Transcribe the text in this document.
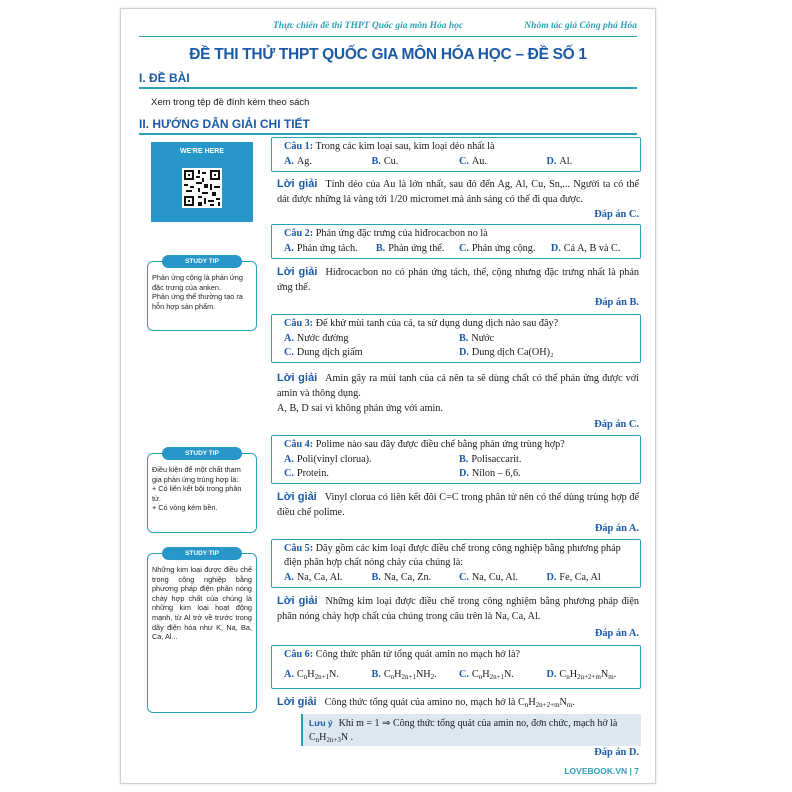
Thực chiến đề thi THPT Quốc gia môn Hóa học	Nhóm tác giả Công phá Hóa
ĐỀ THI THỬ THPT QUỐC GIA MÔN HÓA HỌC – ĐỀ SỐ 1
I. ĐỀ BÀI
Xem trong tệp đề đính kèm theo sách
II. HƯỚNG DẪN GIẢI CHI TIẾT
WE'RE HERE
STUDY TIP

Phản ứng cộng là phản ứng đặc trưng của anken.

Phản ứng thế thường tạo ra hỗn hợp sản phẩm.

STUDY TIP

Điều kiện để một chất tham gia phản ứng trùng hợp là:

+ Có liên kết bội trong phân tử.

+ Có vòng kém bền.

STUDY TIP

Những kim loại được điều chế trong công nghiệp bằng phương pháp điện phân nóng chảy hợp chất của chúng là những kim loại hoạt động mạnh, từ Al trở về trước trong dãy điện hóa như K, Na, Ba, Ca, Al...

Câu 1: Trong các kim loại sau, kim loại dẻo nhất là
A. Ag.	B. Cu.	C. Au.	D. Al.
Lời giải Tính dẻo của Au là lớn nhất, sau đó đến Ag, Al, Cu, Sn,... Người ta có thể dát được những lá vàng tới 1/20 micromet mà ánh sáng có thể đi qua được.
Đáp án C.
Câu 2: Phản ứng đặc trưng của hiđrocacbon no là
A. Phản ứng tách.	B. Phản ứng thế.	C. Phản ứng cộng.	D. Cả A, B và C.
Lời giải Hiđrocacbon no có phản ứng tách, thế, cộng nhưng đặc trưng nhất là phản ứng thế.
Đáp án B.
Câu 3: Để khử mùi tanh của cá, ta sử dụng dung dịch nào sau đây?
A. Nước đường	B. Nước
C. Dung dịch giấm	D. Dung dịch Ca(OH)₂
Lời giải Amin gây ra mùi tanh của cá nên ta sẽ dùng chất có thể phản ứng được với amin và thông dụng.
A, B, D sai vì không phản ứng với amin.
Đáp án C.
Câu 4: Polime nào sau đây được điều chế bằng phản ứng trùng hợp?
A. Poli(vinyl clorua).	B. Polisaccarit.
C. Protein.	D. Nilon – 6,6.
Lời giải Vinyl clorua có liên kết đôi C=C trong phân tử nên có thể dùng trùng hợp để điều chế polime.
Đáp án A.
Câu 5: Dãy gồm các kim loại được điều chế trong công nghiệp bằng phương pháp điện phân hợp chất nóng chảy của chúng là:
A. Na, Ca, Al.	B. Na, Ca, Zn.	C. Na, Cu, Al.	D. Fe, Ca, Al
Lời giải Những kim loại được điều chế trong công nghiệm bằng phương pháp điện phân nóng chảy hợp chất của chúng trong câu trên là Na, Ca, Al.
Đáp án A.
Câu 6: Công thức phân tử tổng quát amin no mạch hở là?
A. $C_nH_{2n+1}N$.	B. $C_nH_{2n+1}NH_2$.	C. $C_nH_{2n+1}N$.	D. $C_nH_{2n+2+m}N_m$.
Lời giải Công thức tổng quát của amino no, mạch hở là $C_nH_{2n+2+m}N_m$.
Lưu ý Khi m = 1 ⇒ Công thức tổng quát của amin no, đơn chức, mạch hở là
$C_nH_{2n+3}N$ .
Đáp án D.
LOVEBOOK.VN | 7
